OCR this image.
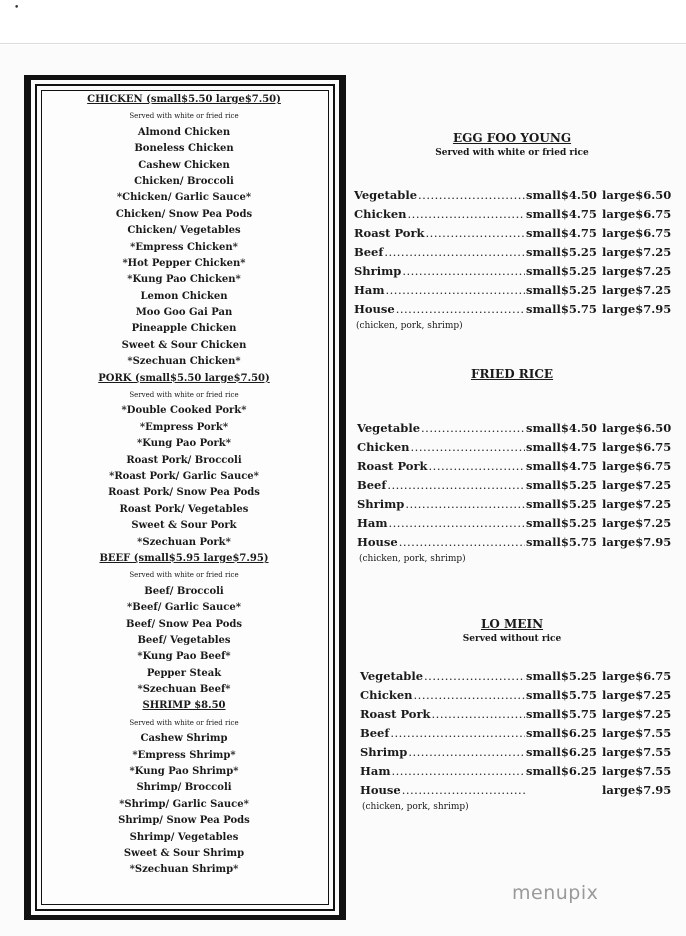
•
CHICKEN (small$5.50 large$7.50)
Served with white or fried rice
Almond Chicken
Boneless Chicken
Cashew Chicken
Chicken/ Broccoli
*Chicken/ Garlic Sauce*
Chicken/ Snow Pea Pods
Chicken/ Vegetables
*Empress Chicken*
*Hot Pepper Chicken*
*Kung Pao Chicken*
Lemon Chicken
Moo Goo Gai Pan
Pineapple Chicken
Sweet & Sour Chicken
*Szechuan Chicken*
PORK (small$5.50 large$7.50)
Served with white or fried rice
*Double Cooked Pork*
*Empress Pork*
*Kung Pao Pork*
Roast Pork/ Broccoli
*Roast Pork/ Garlic Sauce*
Roast Pork/ Snow Pea Pods
Roast Pork/ Vegetables
Sweet & Sour Pork
*Szechuan Pork*
BEEF (small$5.95 large$7.95)
Served with white or fried rice
Beef/ Broccoli
*Beef/ Garlic Sauce*
Beef/ Snow Pea Pods
Beef/ Vegetables
*Kung Pao Beef*
Pepper Steak
*Szechuan Beef*
SHRIMP $8.50
Served with white or fried rice
Cashew Shrimp
*Empress Shrimp*
*Kung Pao Shrimp*
Shrimp/ Broccoli
*Shrimp/ Garlic Sauce*
Shrimp/ Snow Pea Pods
Shrimp/ Vegetables
Sweet & Sour Shrimp
*Szechuan Shrimp*
EGG FOO YOUNG
Served with white or fried rice
Vegetable .....	small$4.50 large$6.50
Chicken .....	small$4.75 large$6.75
Roast Pork .....	small$4.75 large$6.75
Beef .....	small$5.25 large$7.25
Shrimp .....	small$5.25 large$7.25
Ham .....	small$5.25 large$7.25
House .....	small$5.75 large$7.95
(chicken, pork, shrimp)
FRIED RICE
Vegetable .....	small$4.50 large$6.50
Chicken .....	small$4.75 large$6.75
Roast Pork .....	small$4.75 large$6.75
Beef .....	small$5.25 large$7.25
Shrimp .....	small$5.25 large$7.25
Ham .....	small$5.25 large$7.25
House .....	small$5.75 large$7.95
(chicken, pork, shrimp)
LO MEIN
Served without rice
Vegetable .....	small$5.25 large$6.75
Chicken .....	small$5.75 large$7.25
Roast Pork .....	small$5.75 large$7.25
Beef .....	small$6.25 large$7.55
Shrimp .....	small$6.25 large$7.55
Ham .....	small$6.25 large$7.55
House .....	large$7.95
(chicken, pork, shrimp)
menupix
